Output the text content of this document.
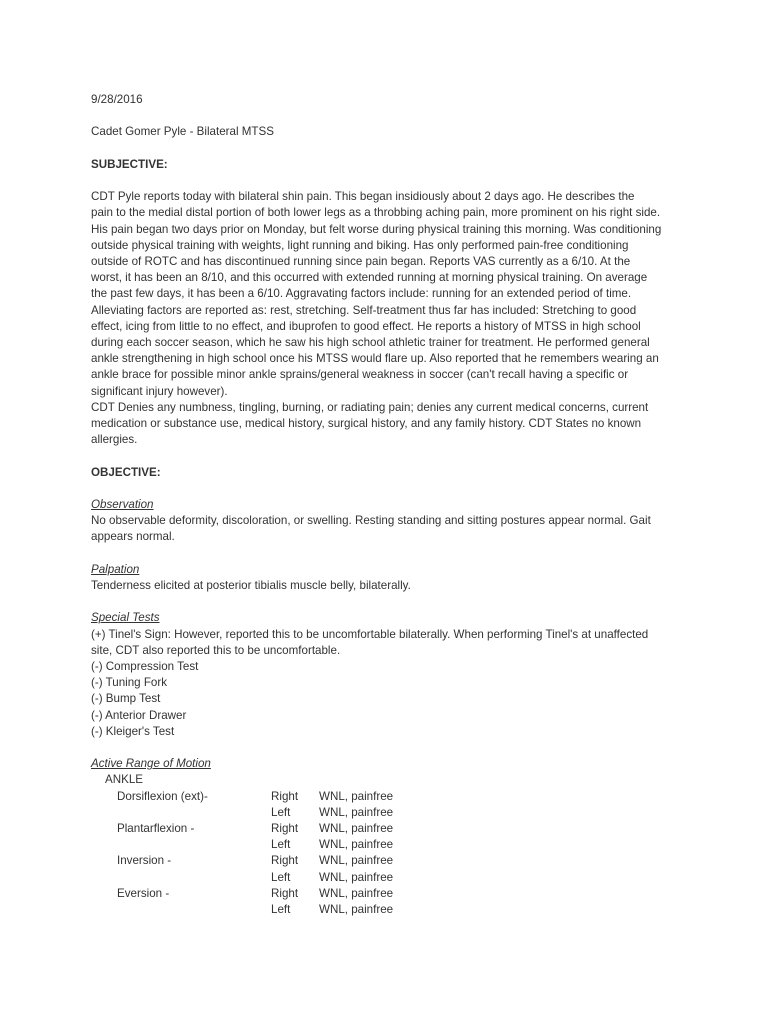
9/28/2016

Cadet Gomer Pyle - Bilateral MTSS

SUBJECTIVE:

CDT Pyle reports today with bilateral shin pain. This began insidiously about 2 days ago. He describes the

pain to the medial distal portion of both lower legs as a throbbing aching pain, more prominent on his right side.

His pain began two days prior on Monday, but felt worse during physical training this morning. Was conditioning

outside physical training with weights, light running and biking. Has only performed pain-free conditioning

outside of ROTC and has discontinued running since pain began. Reports VAS currently as a 6/10. At the

worst, it has been an 8/10, and this occurred with extended running at morning physical training. On average

the past few days, it has been a 6/10. Aggravating factors include: running for an extended period of time.

Alleviating factors are reported as: rest, stretching. Self-treatment thus far has included: Stretching to good

effect, icing from little to no effect, and ibuprofen to good effect. He reports a history of MTSS in high school

during each soccer season, which he saw his high school athletic trainer for treatment. He performed general

ankle strengthening in high school once his MTSS would flare up. Also reported that he remembers wearing an

ankle brace for possible minor ankle sprains/general weakness in soccer (can't recall having a specific or

significant injury however).

CDT Denies any numbness, tingling, burning, or radiating pain; denies any current medical concerns, current

medication or substance use, medical history, surgical history, and any family history. CDT States no known

allergies.

OBJECTIVE:

Observation

No observable deformity, discoloration, or swelling. Resting standing and sitting postures appear normal. Gait

appears normal.

Palpation

Tenderness elicited at posterior tibialis muscle belly, bilaterally.

Special Tests

(+) Tinel's Sign: However, reported this to be uncomfortable bilaterally. When performing Tinel's at unaffected

site, CDT also reported this to be uncomfortable.

(-) Compression Test

(-) Tuning Fork

(-) Bump Test

(-) Anterior Drawer

(-) Kleiger's Test

Active Range of Motion

ANKLE

Dorsiflexion (ext)-	Right	WNL, painfree
Left	WNL, painfree
Plantarflexion -	Right	WNL, painfree
Left	WNL, painfree
Inversion -	Right	WNL, painfree
Left	WNL, painfree
Eversion -	Right	WNL, painfree
Left	WNL, painfree
